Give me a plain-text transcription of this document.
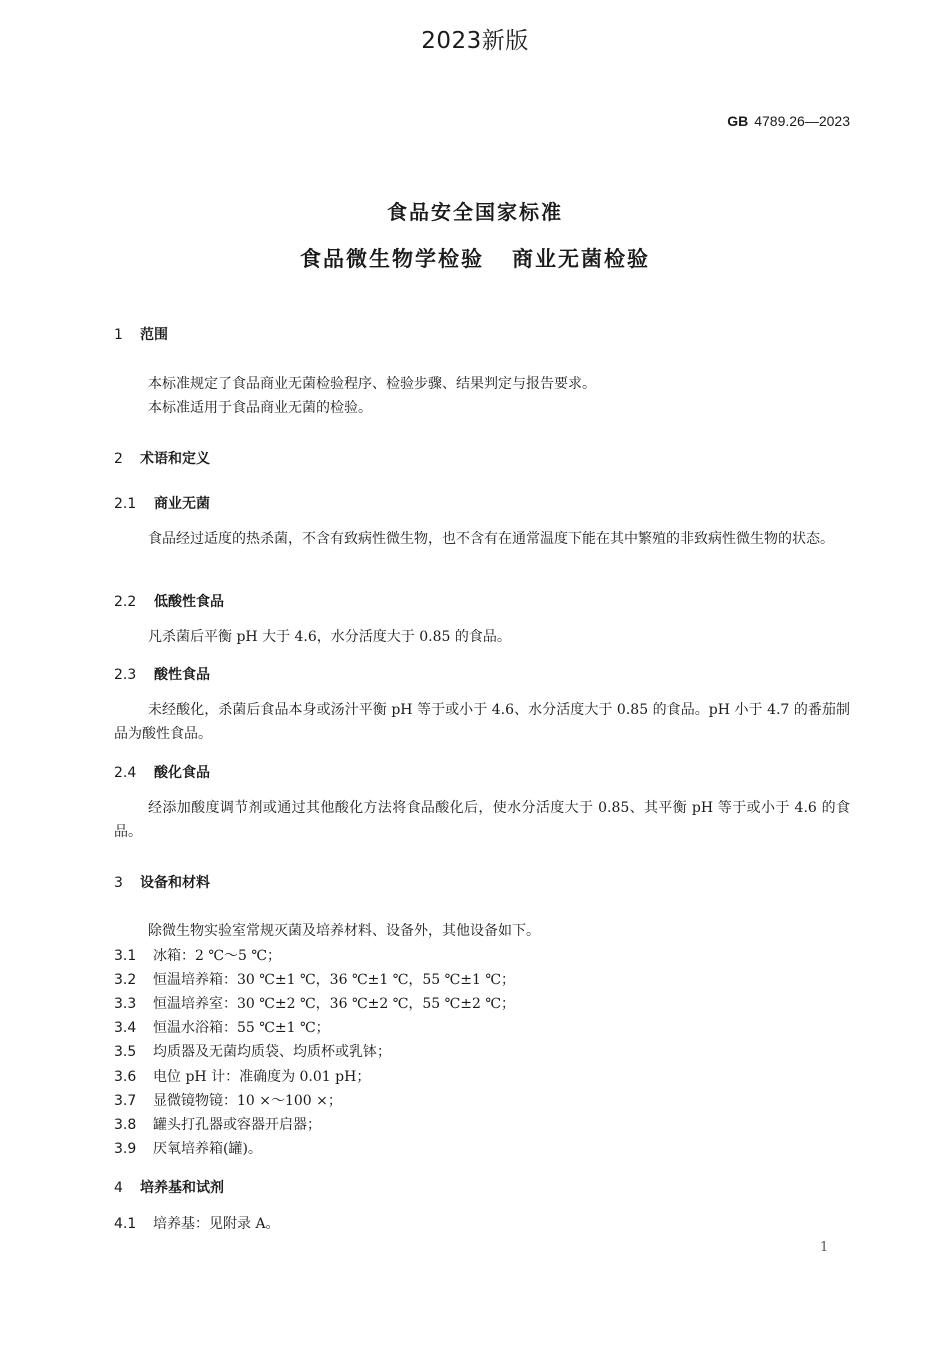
2023新版
GB 4789.26—2023
食品安全国家标准
食品微生物学检验 商业无菌检验
1 范围
本标准规定了食品商业无菌检验程序、检验步骤、结果判定与报告要求。
本标准适用于食品商业无菌的检验。
2 术语和定义
2.1 商业无菌
食品经过适度的热杀菌，不含有致病性微生物，也不含有在通常温度下能在其中繁殖的非致病性微生物的状态。
2.2 低酸性食品
凡杀菌后平衡 pH 大于 4.6，水分活度大于 0.85 的食品。
2.3 酸性食品
未经酸化，杀菌后食品本身或汤汁平衡 pH 等于或小于 4.6、水分活度大于 0.85 的食品。pH 小于 4.7 的番茄制品为酸性食品。
2.4 酸化食品
经添加酸度调节剂或通过其他酸化方法将食品酸化后，使水分活度大于 0.85、其平衡 pH 等于或小于 4.6 的食品。
3 设备和材料
除微生物实验室常规灭菌及培养材料、设备外，其他设备如下。
3.1 冰箱：2 ℃～5 ℃；
3.2 恒温培养箱：30 ℃±1 ℃，36 ℃±1 ℃，55 ℃±1 ℃；
3.3 恒温培养室：30 ℃±2 ℃，36 ℃±2 ℃，55 ℃±2 ℃；
3.4 恒温水浴箱：55 ℃±1 ℃；
3.5 均质器及无菌均质袋、均质杯或乳钵；
3.6 电位 pH 计：准确度为 0.01 pH；
3.7 显微镜物镜：10 ×～100 ×；
3.8 罐头打孔器或容器开启器；
3.9 厌氧培养箱(罐)。
4 培养基和试剂
4.1 培养基：见附录 A。
1
